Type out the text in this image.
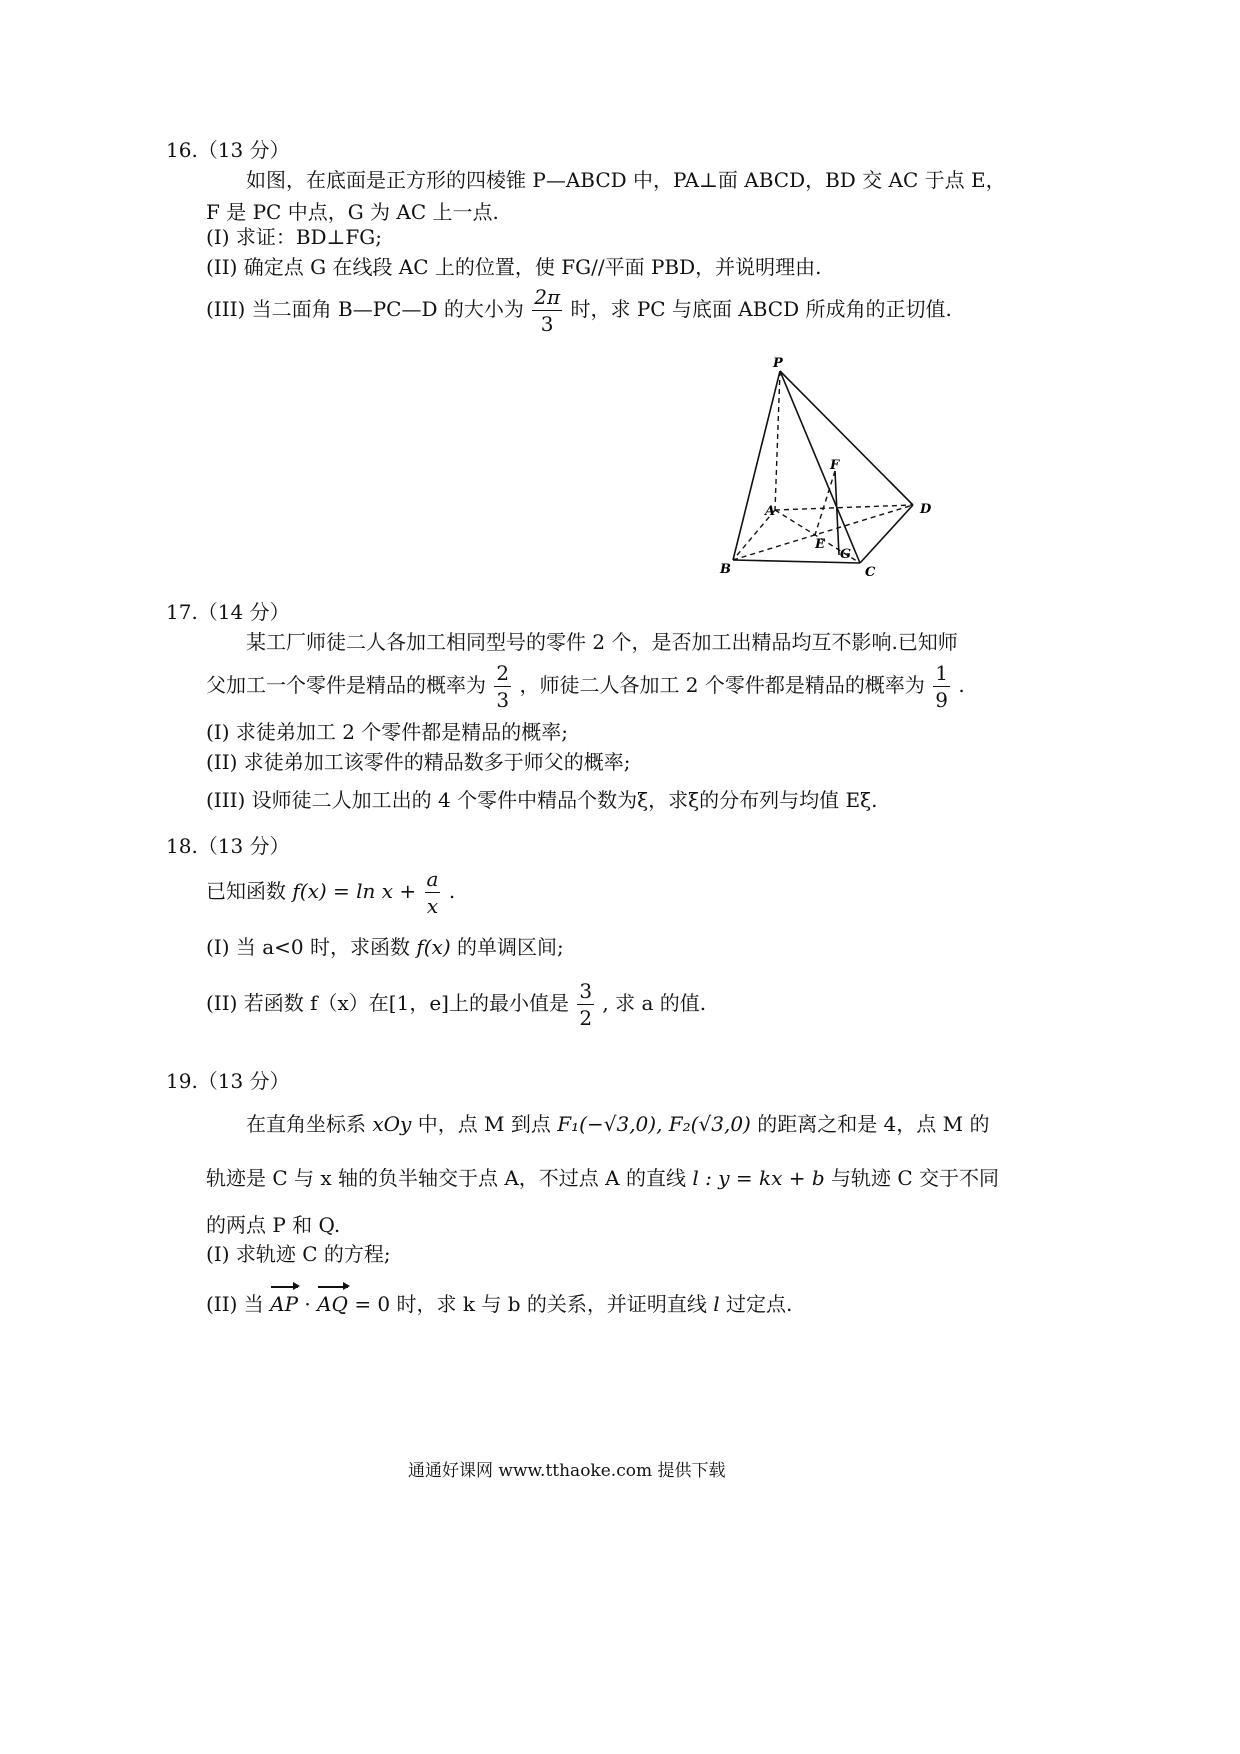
16.（13 分）
如图，在底面是正方形的四棱锥 P—ABCD 中，PA⊥面 ABCD，BD 交 AC 于点 E，
F 是 PC 中点，G 为 AC 上一点.
(I) 求证：BD⊥FG;
(II) 确定点 G 在线段 AC 上的位置，使 FG//平面 PBD，并说明理由.
(III) 当二面角 B—PC—D 的大小为 $\frac{2\pi}{3}$ 时，求 PC 与底面 ABCD 所成角的正切值.
P
A
B	C
D
E
F
G
17.（14 分）
某工厂师徒二人各加工相同型号的零件 2 个，是否加工出精品均互不影响.已知师
父加工一个零件是精品的概率为 $\frac{2}{3}$ ，师徒二人各加工 2 个零件都是精品的概率为 $\frac{1}{9}$ .
(I) 求徒弟加工 2 个零件都是精品的概率;
(II) 求徒弟加工该零件的精品数多于师父的概率;
(III) 设师徒二人加工出的 4 个零件中精品个数为ξ，求ξ的分布列与均值 Eξ.
18.（13 分）
已知函数 $f(x) = \ln x + \frac{a}{x}$ .
(I) 当 a<0 时，求函数 f(x) 的单调区间;
(II) 若函数 f（x）在[1，e]上的最小值是 $\frac{3}{2}$ , 求 a 的值.
19.（13 分）
在直角坐标系 xOy 中，点 M 到点 F₁(−√3,0), F₂(√3,0) 的距离之和是 4，点 M 的
轨迹是 C 与 x 轴的负半轴交于点 A，不过点 A 的直线 l : y = kx + b 与轨迹 C 交于不同
的两点 P 和 Q.
(I) 求轨迹 C 的方程;
(II) 当 AP · AQ = 0 时，求 k 与 b 的关系，并证明直线 l 过定点.
通通好课网 www.tthaoke.com 提供下载
